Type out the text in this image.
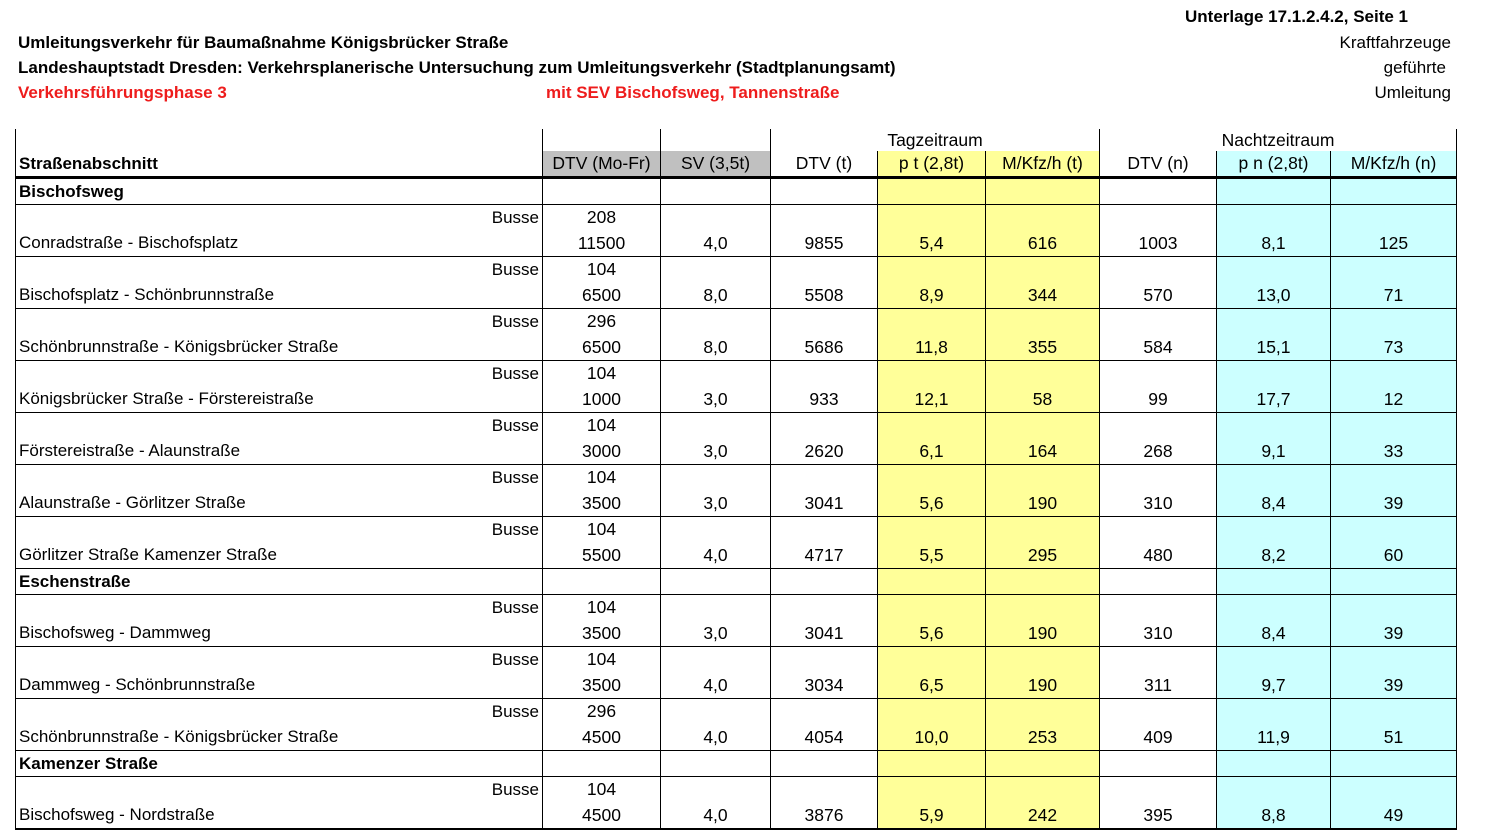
Unterlage 17.1.2.4.2, Seite 1
Umleitungsverkehr für Baumaßnahme Königsbrücker Straße
Landeshauptstadt Dresden: Verkehrsplanerische Untersuchung zum Umleitungsverkehr (Stadtplanungsamt)
Verkehrsführungsphase 3	mit SEV Bischofsweg, Tannenstraße
Kraftfahrzeuge
geführte
Umleitung
			Tagzeitraum			Nachtzeitraum		
Straßenabschnitt	DTV (Mo-Fr)	SV (3,5t)	DTV (t)	p t (2,8t)	M/Kfz/h (t)	DTV (n)	p n (2,8t)	M/Kfz/h (n)
Bischofsweg								
Busse	208							
Conradstraße - Bischofsplatz	11500	4,0	9855	5,4	616	1003	8,1	125
Busse	104							
Bischofsplatz - Schönbrunnstraße	6500	8,0	5508	8,9	344	570	13,0	71
Busse	296							
Schönbrunnstraße - Königsbrücker Straße	6500	8,0	5686	11,8	355	584	15,1	73
Busse	104							
Königsbrücker Straße - Förstereistraße	1000	3,0	933	12,1	58	99	17,7	12
Busse	104							
Förstereistraße - Alaunstraße	3000	3,0	2620	6,1	164	268	9,1	33
Busse	104							
Alaunstraße - Görlitzer Straße	3500	3,0	3041	5,6	190	310	8,4	39
Busse	104							
Görlitzer Straße Kamenzer Straße	5500	4,0	4717	5,5	295	480	8,2	60
Eschenstraße								
Busse	104							
Bischofsweg - Dammweg	3500	3,0	3041	5,6	190	310	8,4	39
Busse	104							
Dammweg - Schönbrunnstraße	3500	4,0	3034	6,5	190	311	9,7	39
Busse	296							
Schönbrunnstraße - Königsbrücker Straße	4500	4,0	4054	10,0	253	409	11,9	51
Kamenzer Straße								
Busse	104							
Bischofsweg - Nordstraße	4500	4,0	3876	5,9	242	395	8,8	49
